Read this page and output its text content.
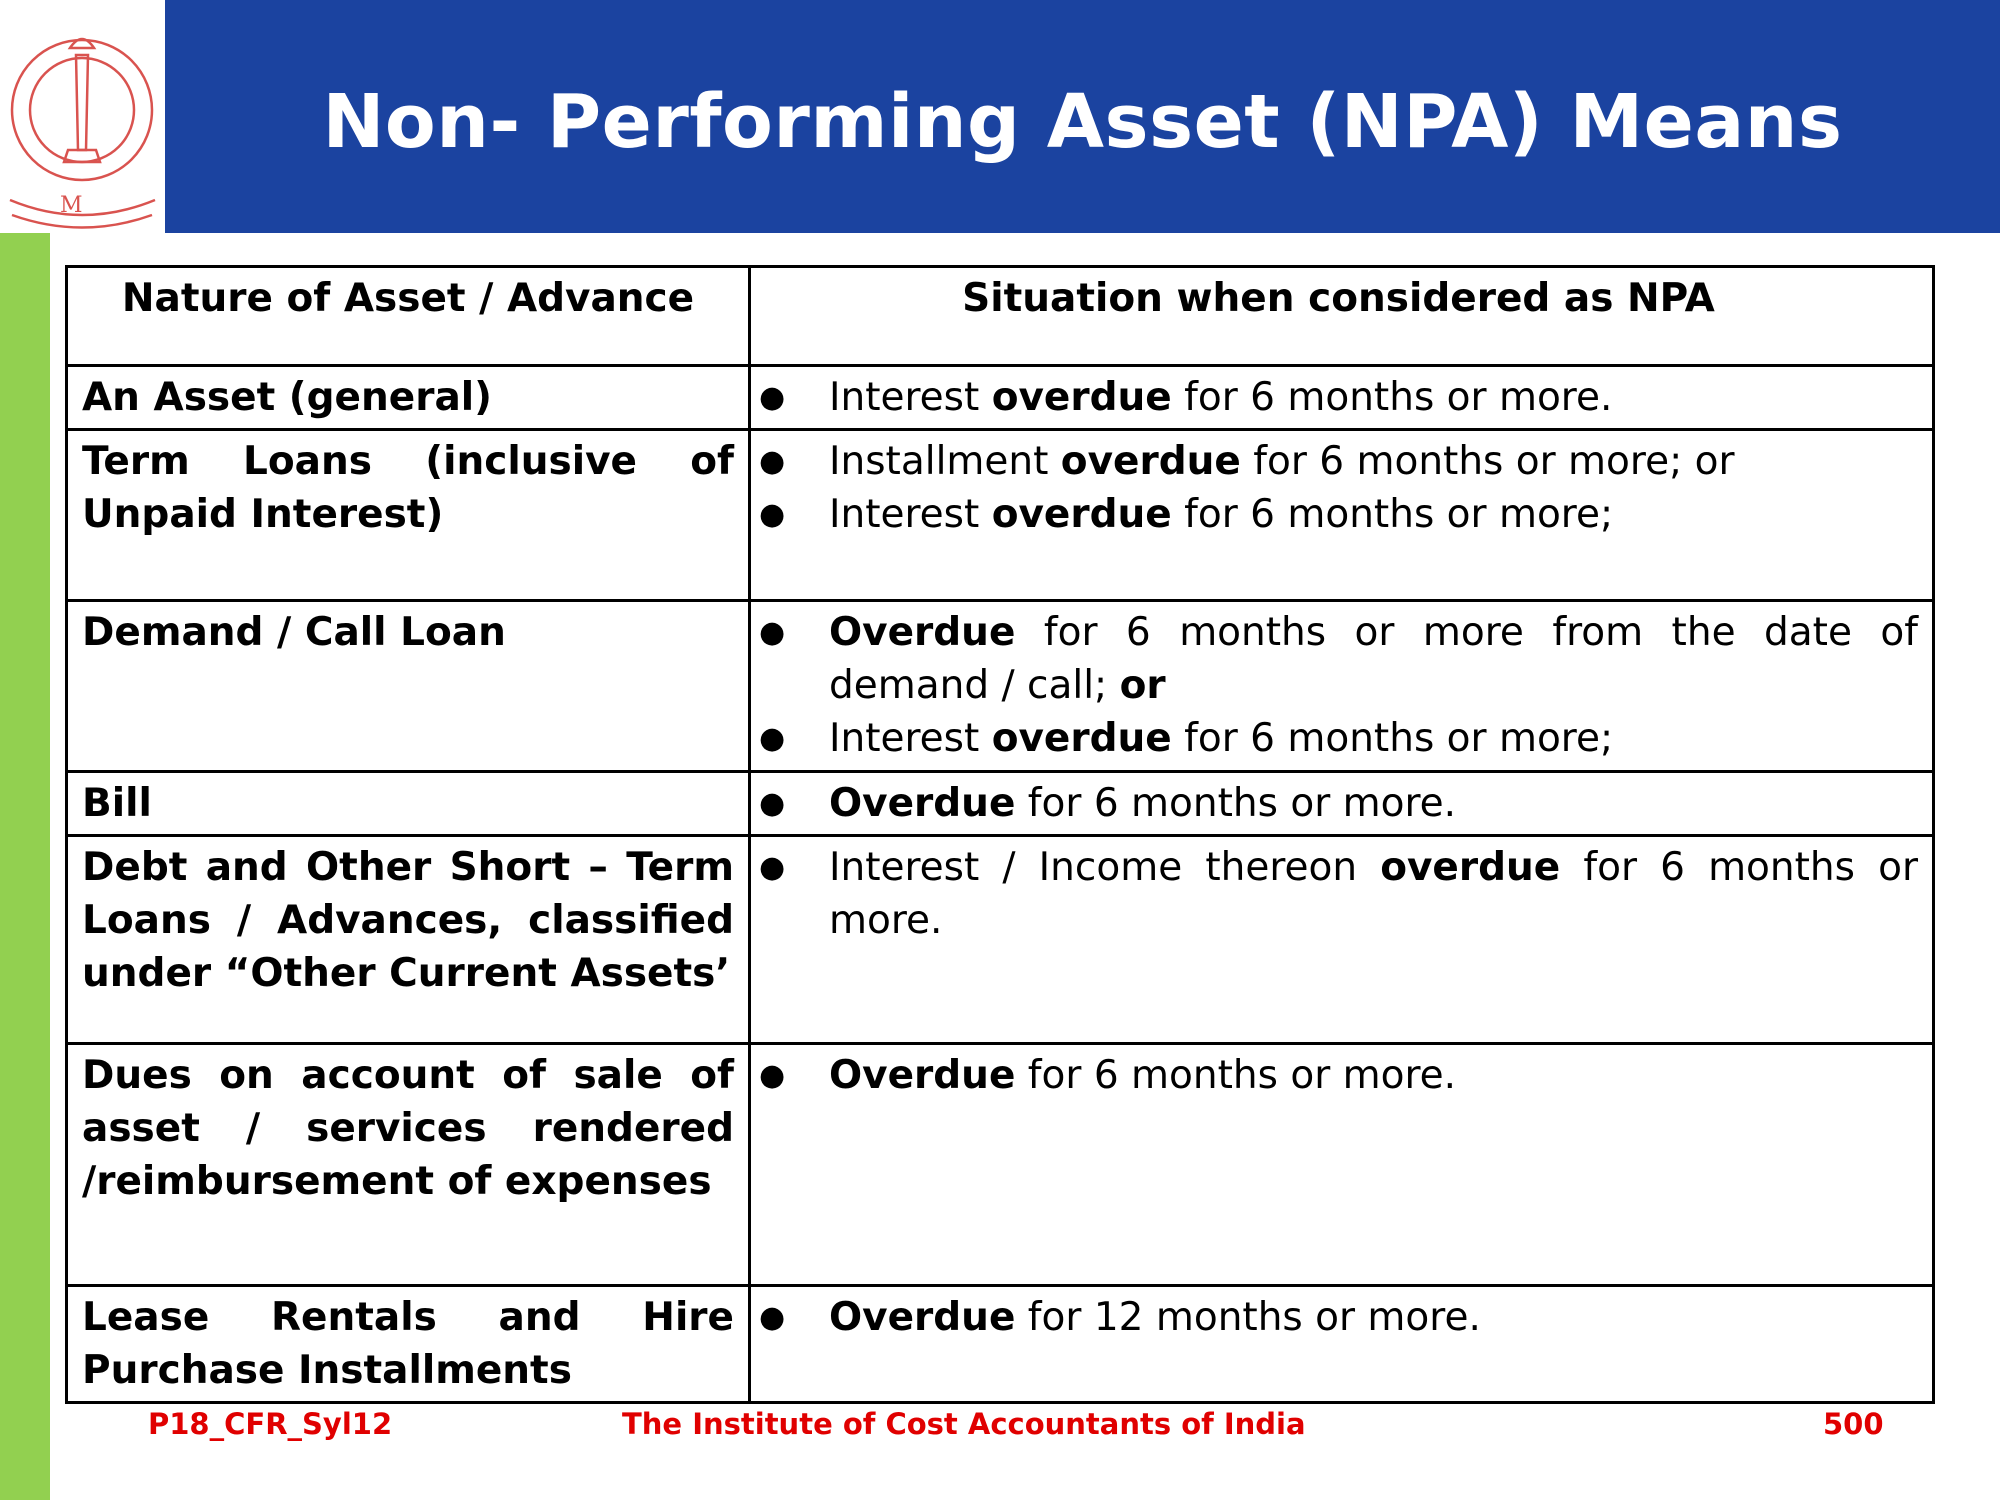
M
Non- Performing Asset (NPA) Means
Nature of Asset / Advance	Situation when considered as NPA
An Asset (general)	● Interest overdue for 6 months or more.

Term Loans (inclusive of Unpaid Interest)	● Installment overdue for 6 months or more; or
● Interest overdue for 6 months or more;

Demand / Call Loan	● Overdue for 6 months or more from the date of demand / call; or
● Interest overdue for 6 months or more;

Bill	● Overdue for 6 months or more.

Debt and Other Short – Term Loans / Advances, classified under “Other Current Assets’	● Interest / Income thereon overdue for 6 months or more.

Dues on account of sale of asset / services rendered /reimbursement of expenses	● Overdue for 6 months or more.

Lease Rentals and Hire Purchase Installments	● Overdue for 12 months or more.
P18_CFR_Syl12	The Institute of Cost Accountants of India	500
